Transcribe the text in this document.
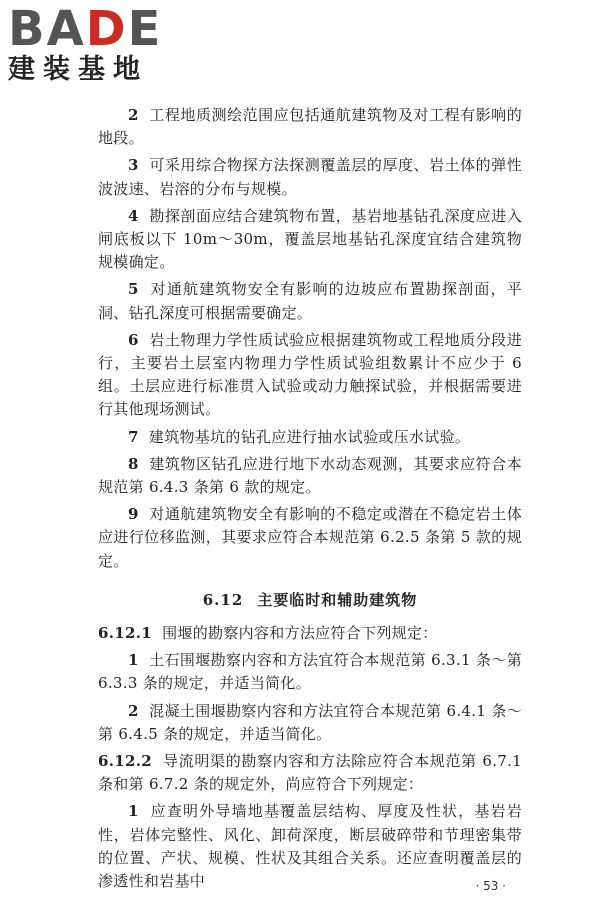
BADE
建装基地

2 工程地质测绘范围应包括通航建筑物及对工程有影响的地段。

3 可采用综合物探方法探测覆盖层的厚度、岩土体的弹性波波速、岩溶的分布与规模。

4 勘探剖面应结合建筑物布置，基岩地基钻孔深度应进入闸底板以下 10m～30m，覆盖层地基钻孔深度宜结合建筑物规模确定。

5 对通航建筑物安全有影响的边坡应布置勘探剖面，平洞、钻孔深度可根据需要确定。

6 岩土物理力学性质试验应根据建筑物或工程地质分段进行，主要岩土层室内物理力学性质试验组数累计不应少于 6 组。土层应进行标准贯入试验或动力触探试验，并根据需要进行其他现场测试。

7 建筑物基坑的钻孔应进行抽水试验或压水试验。

8 建筑物区钻孔应进行地下水动态观测，其要求应符合本规范第 6.4.3 条第 6 款的规定。

9 对通航建筑物安全有影响的不稳定或潜在不稳定岩土体应进行位移监测，其要求应符合本规范第 6.2.5 条第 5 款的规定。

6.12 主要临时和辅助建筑物

6.12.1 围堰的勘察内容和方法应符合下列规定：

1 土石围堰勘察内容和方法宜符合本规范第 6.3.1 条～第 6.3.3 条的规定，并适当简化。

2 混凝土围堰勘察内容和方法宜符合本规范第 6.4.1 条～第 6.4.5 条的规定，并适当简化。

6.12.2 导流明渠的勘察内容和方法除应符合本规范第 6.7.1 条和第 6.7.2 条的规定外，尚应符合下列规定：

1 应查明外导墙地基覆盖层结构、厚度及性状，基岩岩性，岩体完整性、风化、卸荷深度，断层破碎带和节理密集带的位置、产状、规模、性状及其组合关系。还应查明覆盖层的渗透性和岩基中	· 53 ·
